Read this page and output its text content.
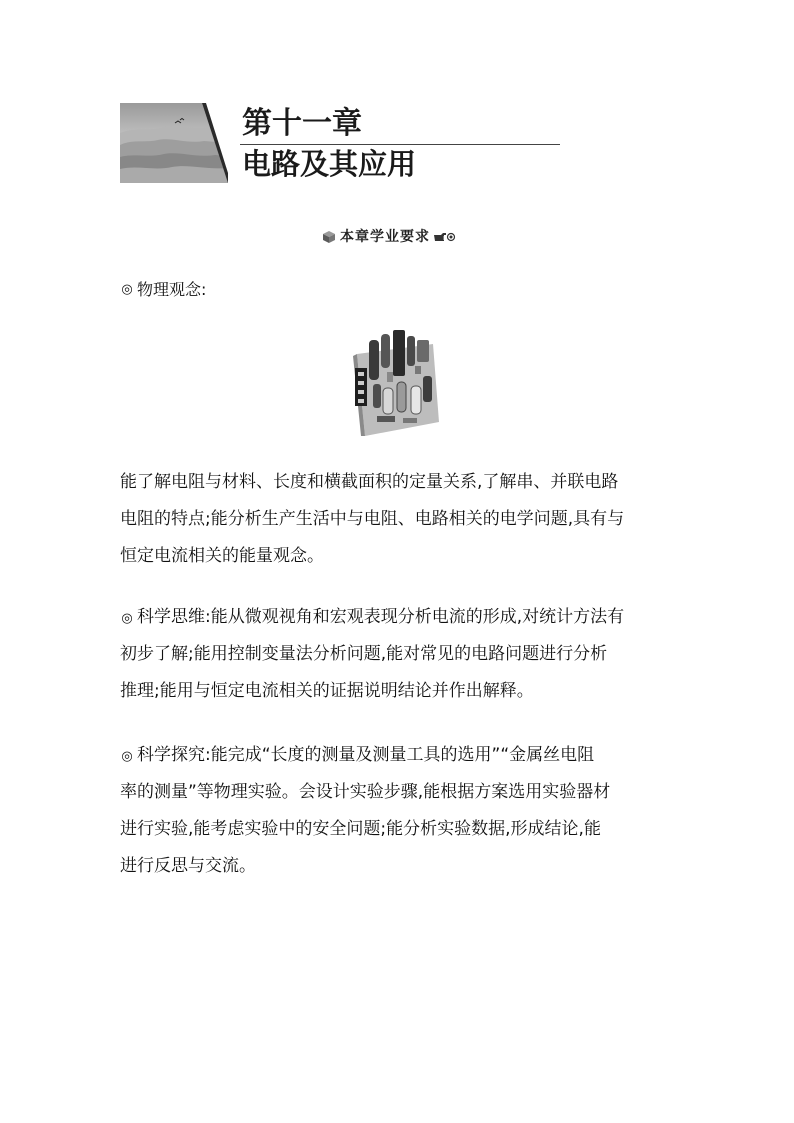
第十一章
电路及其应用
本章学业要求
◎ 物理观念:

能了解电阻与材料、长度和横截面积的定量关系,了解串、并联电路
电阻的特点;能分析生产生活中与电阻、电路相关的电学问题,具有与
恒定电流相关的能量观念。

◎ 科学思维:能从微观视角和宏观表现分析电流的形成,对统计方法有
初步了解;能用控制变量法分析问题,能对常见的电路问题进行分析
推理;能用与恒定电流相关的证据说明结论并作出解释。

◎ 科学探究:能完成“长度的测量及测量工具的选用”“金属丝电阻
率的测量”等物理实验。会设计实验步骤,能根据方案选用实验器材
进行实验,能考虑实验中的安全问题;能分析实验数据,形成结论,能
进行反思与交流。
